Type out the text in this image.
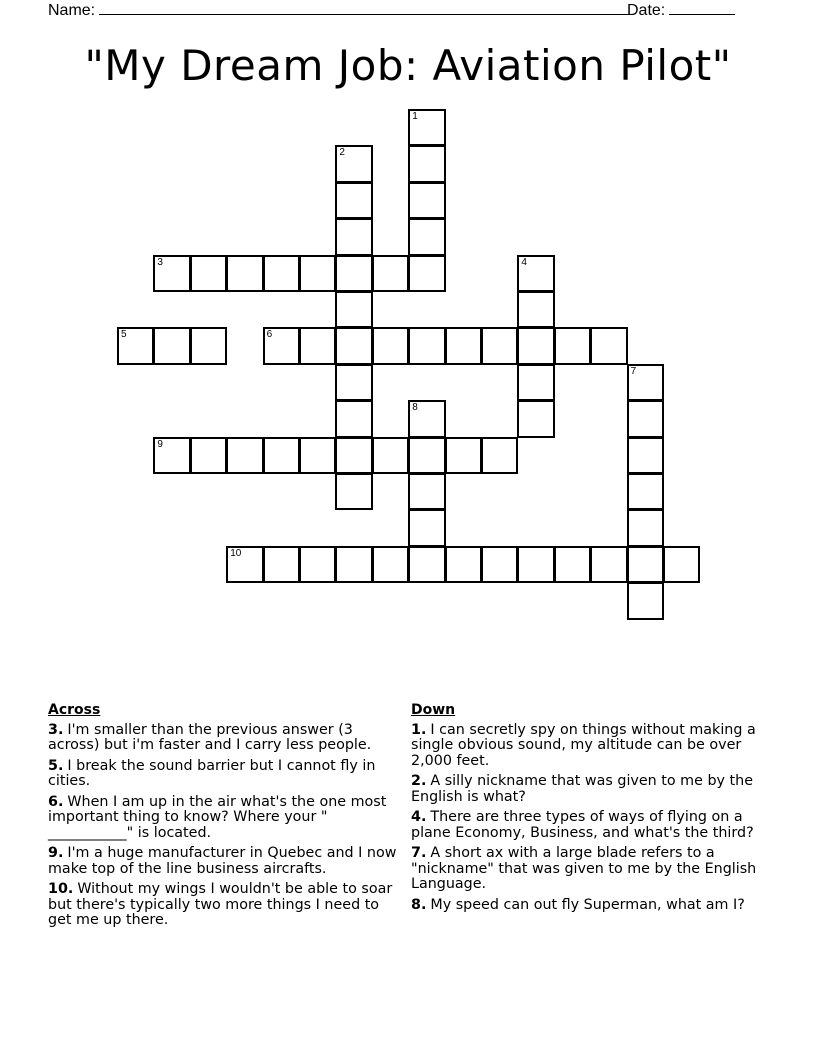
Name:	Date:
"My Dream Job: Aviation Pilot"
1
2
3	4
5	6
7
8
9
10
Across
3. I'm smaller than the previous answer (3 across) but i'm faster and I carry less people.
5. I break the sound barrier but I cannot fly in cities.
6. When I am up in the air what's the one most important thing to know? Where your " ___________" is located.
9. I'm a huge manufacturer in Quebec and I now make top of the line business aircrafts.
10. Without my wings I wouldn't be able to soar but there's typically two more things I need to get me up there.
Down
1. I can secretly spy on things without making a single obvious sound, my altitude can be over 2,000 feet.
2. A silly nickname that was given to me by the English is what?
4. There are three types of ways of flying on a plane Economy, Business, and what's the third?
7. A short ax with a large blade refers to a "nickname" that was given to me by the English Language.
8. My speed can out fly Superman, what am I?
